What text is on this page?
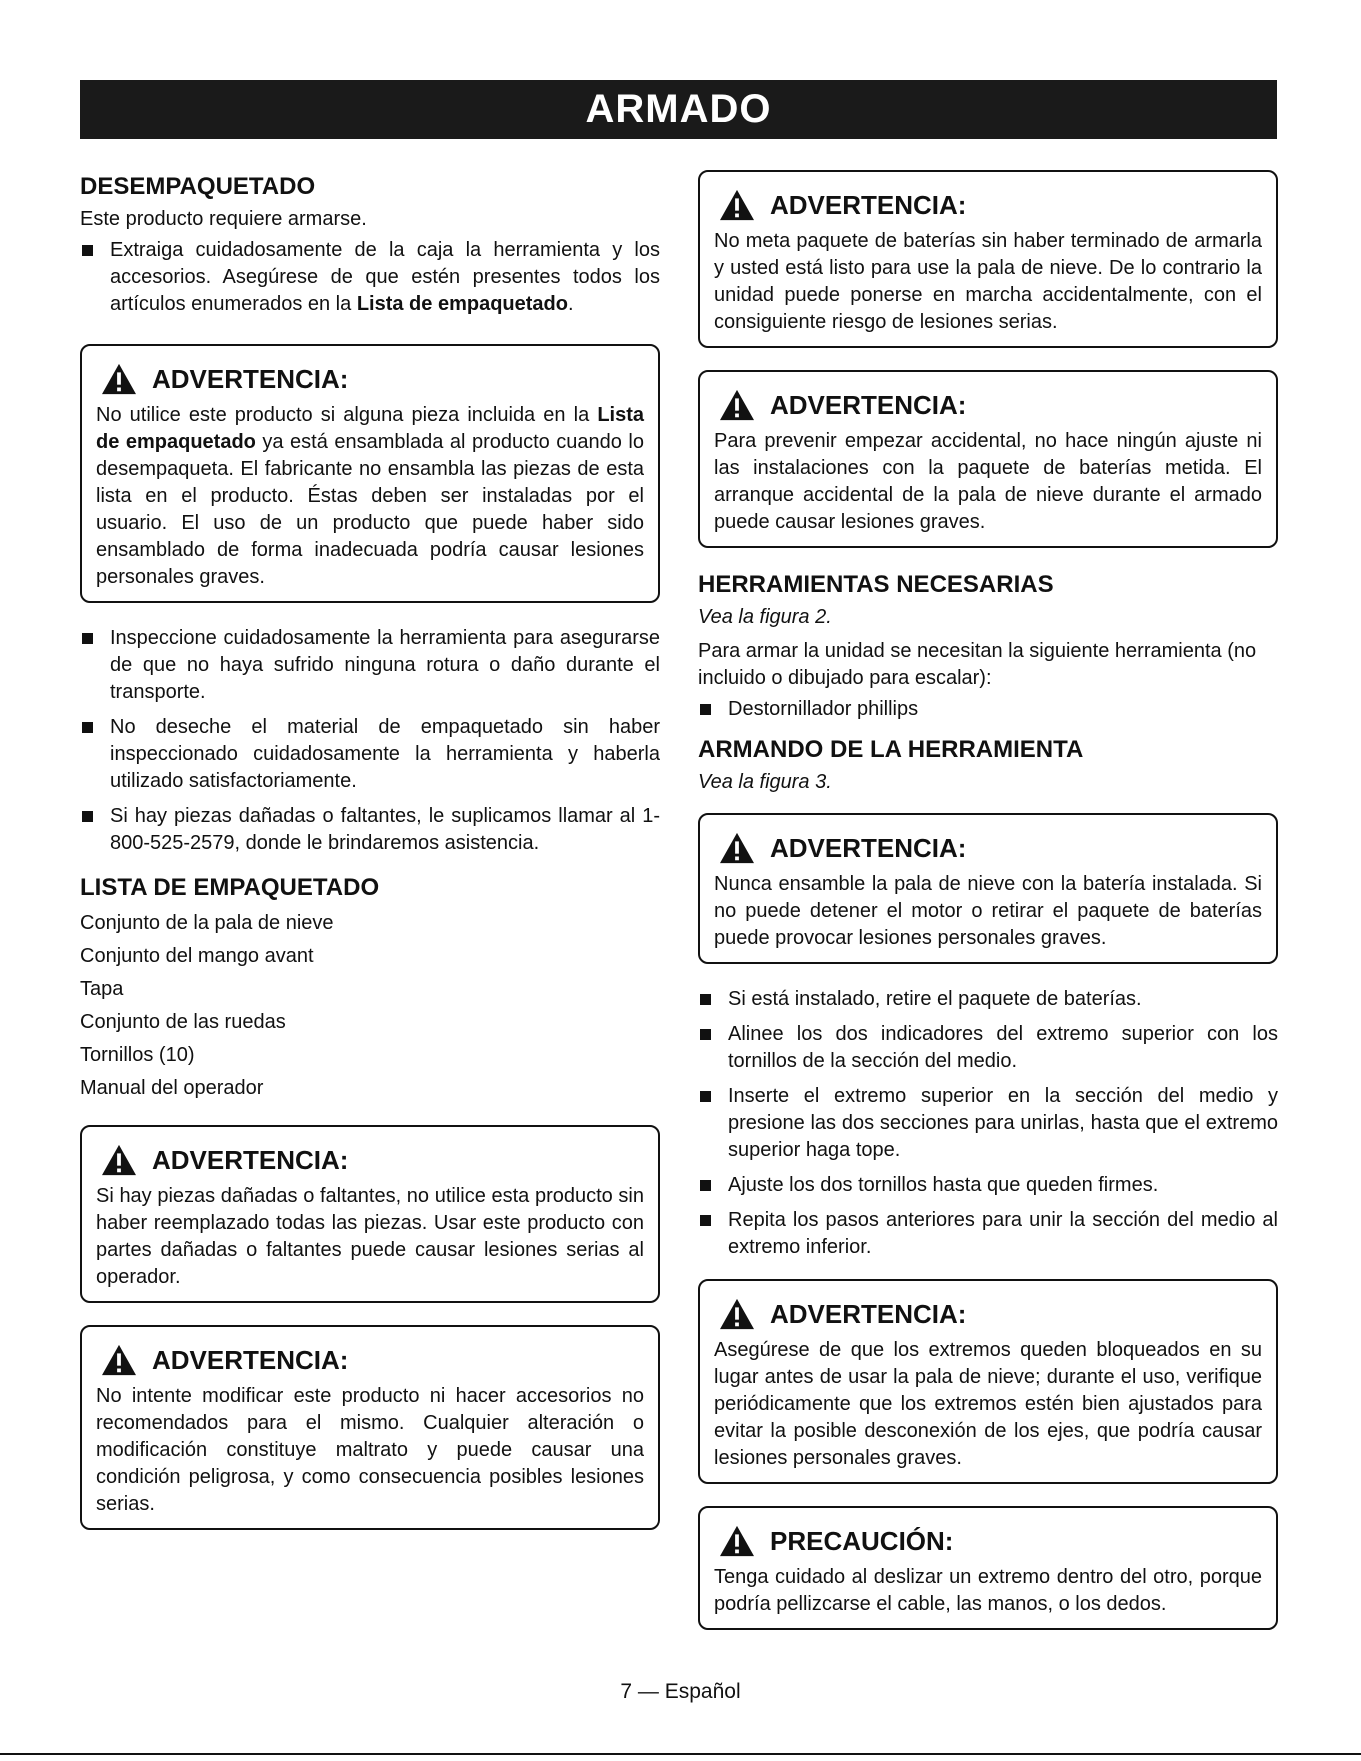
ARMADO
DESEMPAQUETADO

Este producto requiere armarse.

Extraiga cuidadosamente de la caja la herramienta y los accesorios. Asegúrese de que estén presentes todos los artículos enumerados en la Lista de empaquetado.
ADVERTENCIA:
No utilice este producto si alguna pieza incluida en la Lista de empaquetado ya está ensamblada al producto cuando lo desempaqueta. El fabricante no ensambla las piezas de esta lista en el producto. Éstas deben ser instaladas por el usuario. El uso de un producto que puede haber sido ensamblado de forma inadecuada podría causar lesiones personales graves.
Inspeccione cuidadosamente la herramienta para asegurarse de que no haya sufrido ninguna rotura o daño durante el transporte.
No deseche el material de empaquetado sin haber inspeccionado cuidadosamente la herramienta y haberla utilizado satisfactoriamente.
Si hay piezas dañadas o faltantes, le suplicamos llamar al 1-800-525-2579, donde le brindaremos asistencia.
LISTA DE EMPAQUETADO
Conjunto de la pala de nieve
Conjunto del mango avant
Tapa
Conjunto de las ruedas
Tornillos (10)
Manual del operador
ADVERTENCIA:
Si hay piezas dañadas o faltantes, no utilice esta producto sin haber reemplazado todas las piezas. Usar este producto con partes dañadas o faltantes puede causar lesiones serias al operador.
ADVERTENCIA:
No intente modificar este producto ni hacer accesorios no recomendados para el mismo. Cualquier alteración o modificación constituye maltrato y puede causar una condición peligrosa, y como consecuencia posibles lesiones serias.
ADVERTENCIA:
No meta paquete de baterías sin haber terminado de armarla y usted está listo para use la pala de nieve. De lo contrario la unidad puede ponerse en marcha accidentalmente, con el consiguiente riesgo de lesiones serias.
ADVERTENCIA:
Para prevenir empezar accidental, no hace ningún ajuste ni las instalaciones con la paquete de baterías metida. El arranque accidental de la pala de nieve durante el armado puede causar lesiones graves.
HERRAMIENTAS NECESARIAS

Vea la figura 2.

Para armar la unidad se necesitan la siguiente herramienta (no incluido o dibujado para escalar):

Destornillador phillips
ARMANDO DE LA HERRAMIENTA

Vea la figura 3.

ADVERTENCIA:
Nunca ensamble la pala de nieve con la batería instalada. Si no puede detener el motor o retirar el paquete de baterías puede provocar lesiones personales graves.
Si está instalado, retire el paquete de baterías.
Alinee los dos indicadores del extremo superior con los tornillos de la sección del medio.
Inserte el extremo superior en la sección del medio y presione las dos secciones para unirlas, hasta que el extremo superior haga tope.
Ajuste los dos tornillos hasta que queden firmes.
Repita los pasos anteriores para unir la sección del medio al extremo inferior.
ADVERTENCIA:
Asegúrese de que los extremos queden bloqueados en su lugar antes de usar la pala de nieve; durante el uso, verifique periódicamente que los extremos estén bien ajustados para evitar la posible desconexión de los ejes, que podría causar lesiones personales graves.
PRECAUCIÓN:
Tenga cuidado al deslizar un extremo dentro del otro, porque podría pellizcarse el cable, las manos, o los dedos.
7 — Español
